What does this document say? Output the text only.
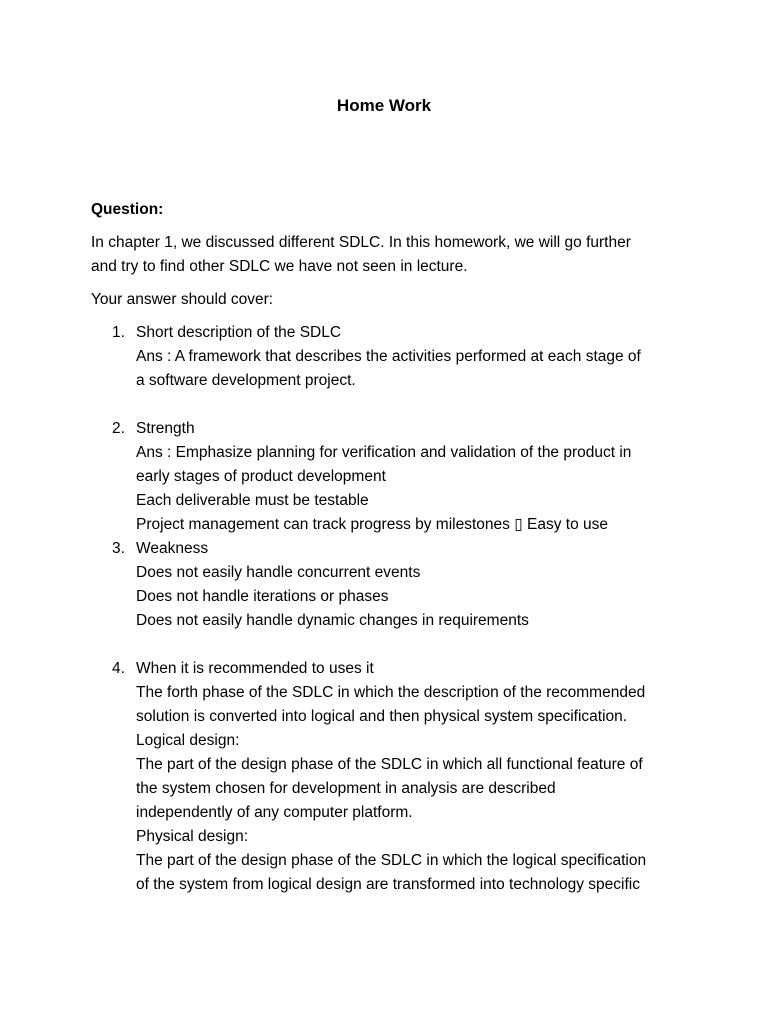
Home Work
Question:
In chapter 1, we discussed different SDLC. In this homework, we will go further
and try to find other SDLC we have not seen in lecture.
Your answer should cover:
1. Short description of the SDLC
Ans : A framework that describes the activities performed at each stage of
a software development project.
2. Strength
Ans : Emphasize planning for verification and validation of the product in
early stages of product development
Each deliverable must be testable
Project management can track progress by milestones ▯ Easy to use
3. Weakness
Does not easily handle concurrent events
Does not handle iterations or phases
Does not easily handle dynamic changes in requirements
4. When it is recommended to uses it
The forth phase of the SDLC in which the description of the recommended
solution is converted into logical and then physical system specification.
Logical design:
The part of the design phase of the SDLC in which all functional feature of
the system chosen for development in analysis are described
independently of any computer platform.
Physical design:
The part of the design phase of the SDLC in which the logical specification
of the system from logical design are transformed into technology specific
